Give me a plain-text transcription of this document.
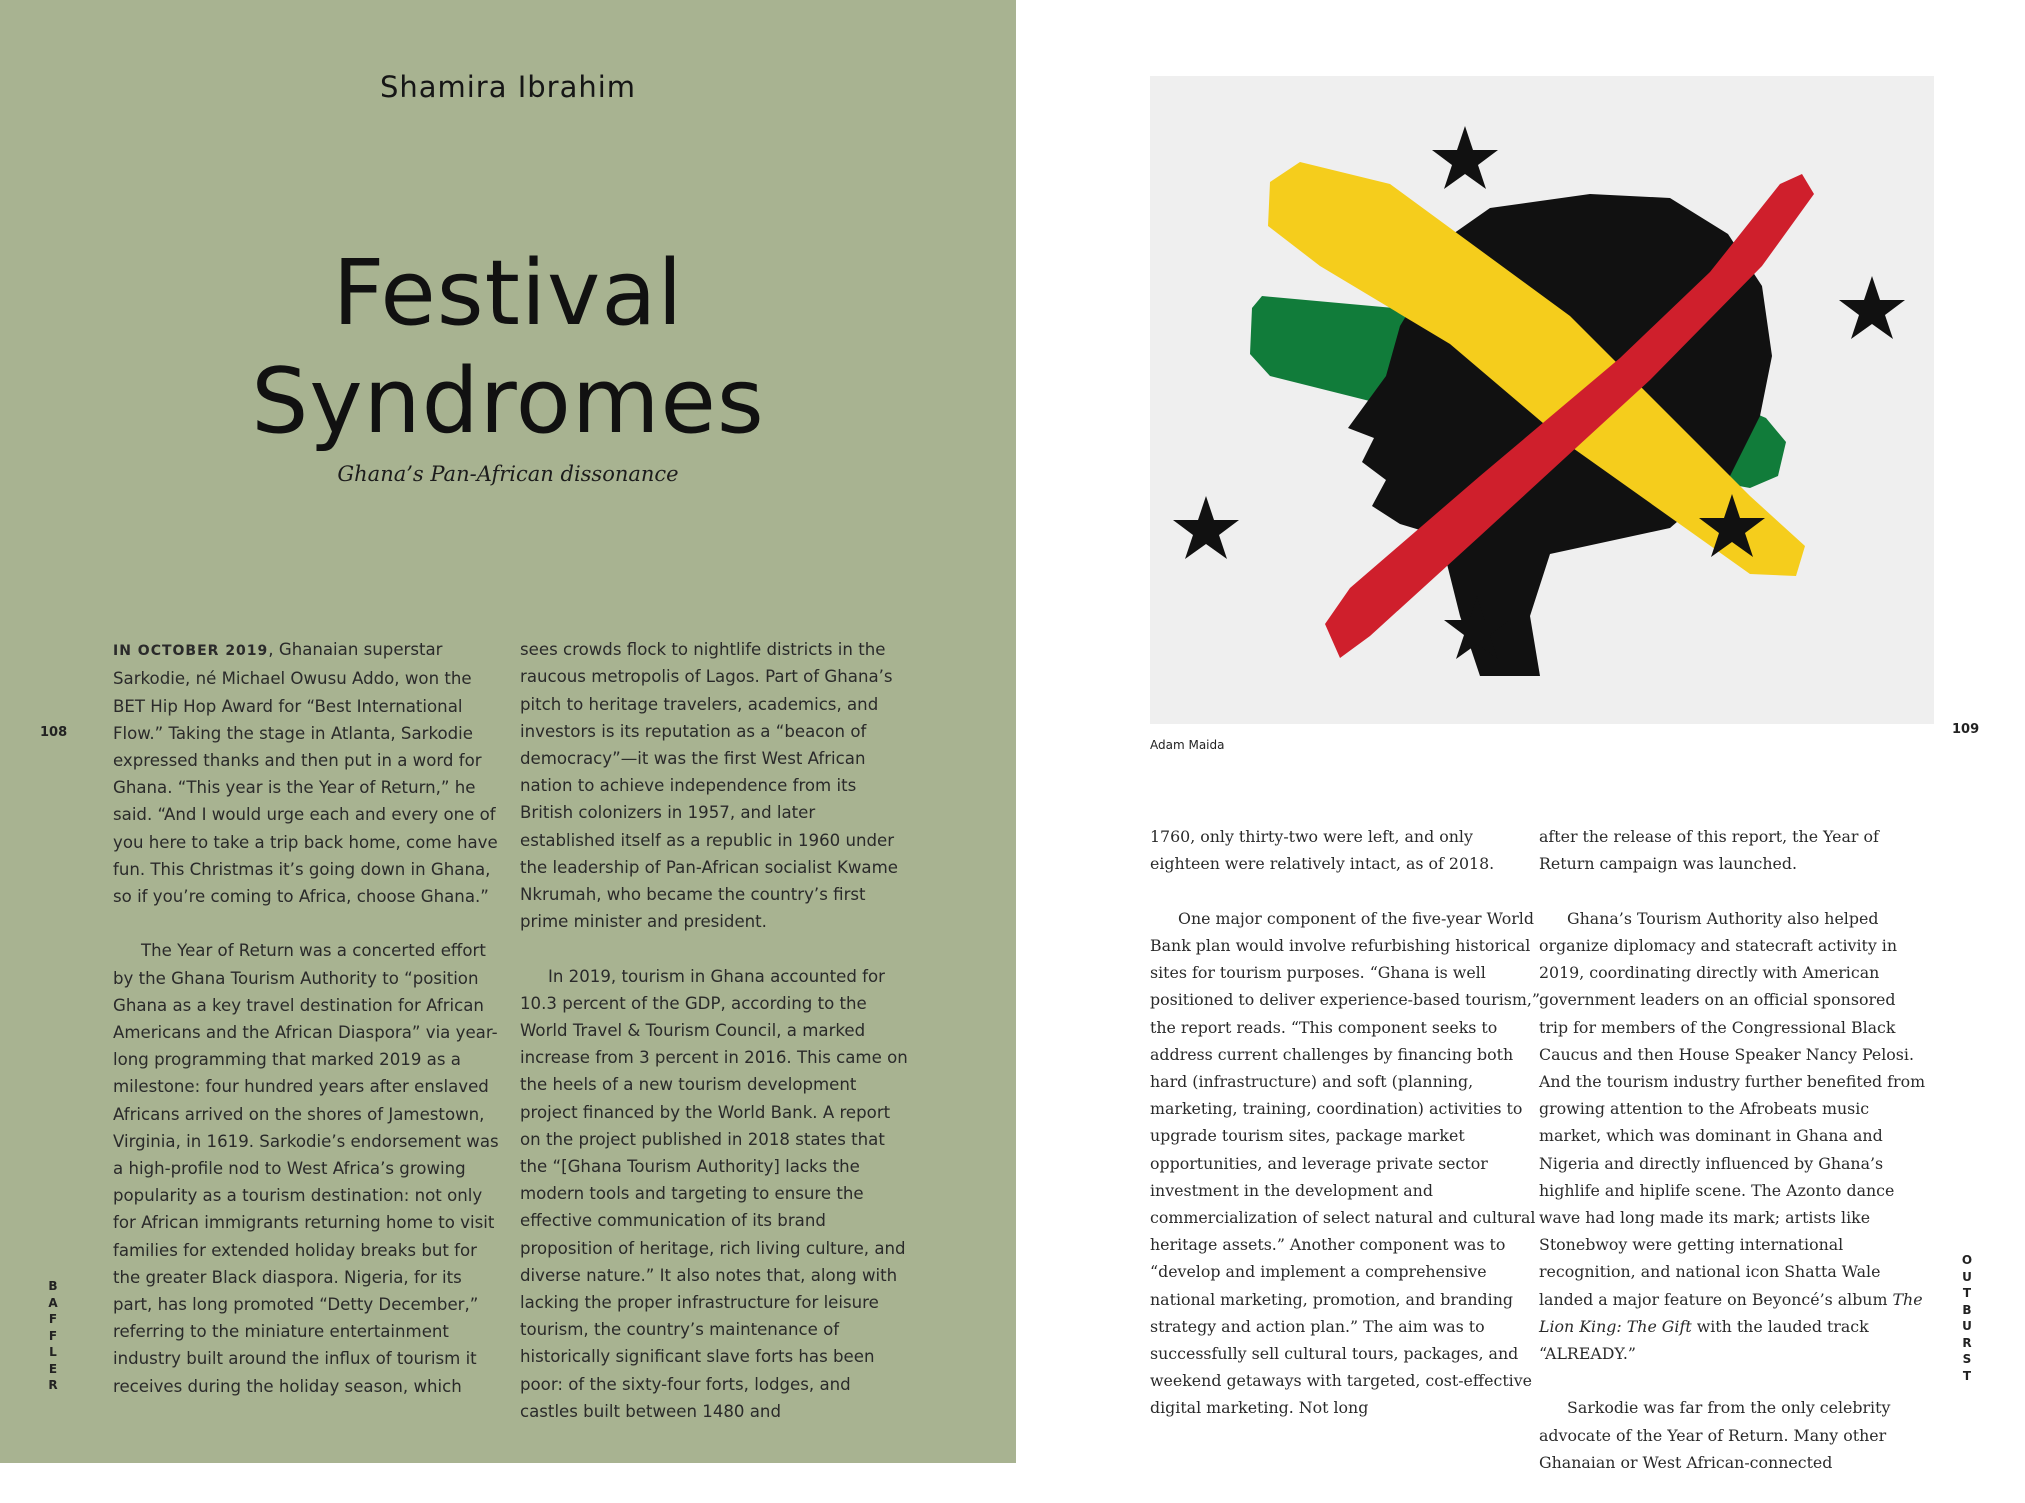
Shamira Ibrahim
Festival
Syndromes
Ghana’s Pan-African dissonance

IN OCTOBER 2019, Ghanaian superstar Sarkodie, né Michael Owusu Addo, won the BET Hip Hop Award for “Best International Flow.” Taking the stage in Atlanta, Sarkodie expressed thanks and then put in a word for Ghana. “This year is the Year of Return,” he said. “And I would urge each and every one of you here to take a trip back home, come have fun. This Christmas it’s going down in Ghana, so if you’re coming to Africa, choose Ghana.”

The Year of Return was a concerted effort by the Ghana Tourism Authority to “position Ghana as a key travel destination for African Americans and the African Diaspora” via year-long programming that marked 2019 as a milestone: four hundred years after enslaved Africans arrived on the shores of Jamestown, Virginia, in 1619. Sarkodie’s endorsement was a high-profile nod to West Africa’s growing popularity as a tourism destination: not only for African immigrants returning home to visit families for extended holiday breaks but for the greater Black diaspora. Nigeria, for its part, has long promoted “Detty December,” referring to the miniature entertainment industry built around the influx of tourism it receives during the holiday season, which

sees crowds flock to nightlife districts in the raucous metropolis of Lagos. Part of Ghana’s pitch to heritage travelers, academics, and investors is its reputation as a “beacon of democracy”—it was the first West African nation to achieve independence from its British colonizers in 1957, and later established itself as a republic in 1960 under the leadership of Pan-African socialist Kwame Nkrumah, who became the country’s first prime minister and president.

In 2019, tourism in Ghana accounted for 10.3 percent of the GDP, according to the World Travel & Tourism Council, a marked increase from 3 percent in 2016. This came on the heels of a new tourism development project financed by the World Bank. A report on the project published in 2018 states that the “[Ghana Tourism Authority] lacks the modern tools and targeting to ensure the effective communication of its brand proposition of heritage, rich living culture, and diverse nature.” It also notes that, along with lacking the proper infrastructure for leisure tourism, the country’s maintenance of historically significant slave forts has been poor: of the sixty-four forts, lodges, and castles built between 1480 and

108
BAFFLER
Adam Maida
109
OUTBURST

1760, only thirty-two were left, and only eighteen were relatively intact, as of 2018.

One major component of the five-year World Bank plan would involve refurbishing historical sites for tourism purposes. “Ghana is well positioned to deliver experience-based tourism,” the report reads. “This component seeks to address current challenges by financing both hard (infrastructure) and soft (planning, marketing, training, coordination) activities to upgrade tourism sites, package market opportunities, and leverage private sector investment in the development and commercialization of select natural and cultural heritage assets.” Another component was to “develop and implement a comprehensive national marketing, promotion, and branding strategy and action plan.” The aim was to successfully sell cultural tours, packages, and weekend getaways with targeted, cost-effective digital marketing. Not long

after the release of this report, the Year of Return campaign was launched.

Ghana’s Tourism Authority also helped organize diplomacy and statecraft activity in 2019, coordinating directly with American government leaders on an official sponsored trip for members of the Congressional Black Caucus and then House Speaker Nancy Pelosi. And the tourism industry further benefited from growing attention to the Afrobeats music market, which was dominant in Ghana and Nigeria and directly influenced by Ghana’s highlife and hiplife scene. The Azonto dance wave had long made its mark; artists like Stonebwoy were getting international recognition, and national icon Shatta Wale landed a major feature on Beyoncé’s album The Lion King: The Gift with the lauded track “ALREADY.”

Sarkodie was far from the only celebrity advocate of the Year of Return. Many other Ghanaian or West African-connected
